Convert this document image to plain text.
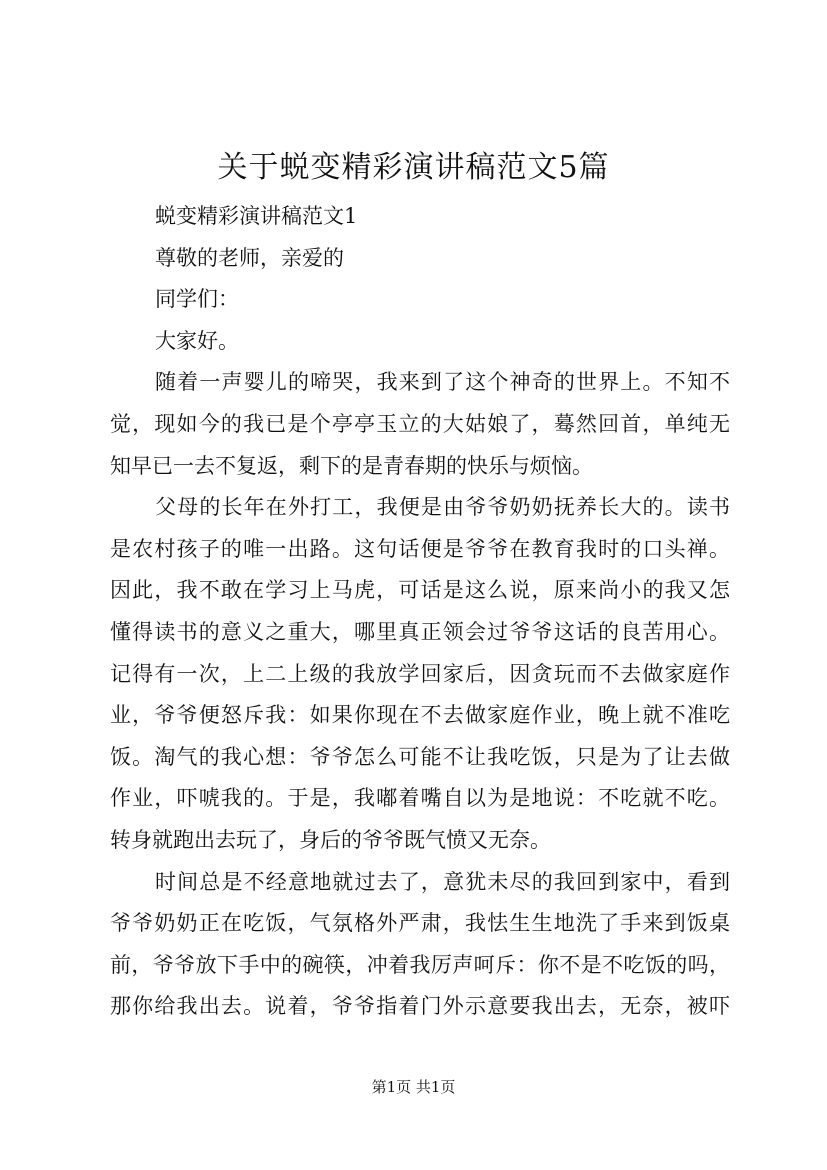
关于蜕变精彩演讲稿范文5篇
蜕变精彩演讲稿范文1
尊敬的老师，亲爱的
同学们：
大家好。
随着一声婴儿的啼哭，我来到了这个神奇的世界上。不知不
觉，现如今的我已是个亭亭玉立的大姑娘了，蓦然回首，单纯无
知早已一去不复返，剩下的是青春期的快乐与烦恼。
父母的长年在外打工，我便是由爷爷奶奶抚养长大的。读书
是农村孩子的唯一出路。这句话便是爷爷在教育我时的口头禅。
因此，我不敢在学习上马虎，可话是这么说，原来尚小的我又怎
懂得读书的意义之重大，哪里真正领会过爷爷这话的良苦用心。
记得有一次，上二上级的我放学回家后，因贪玩而不去做家庭作
业，爷爷便怒斥我：如果你现在不去做家庭作业，晚上就不准吃
饭。淘气的我心想：爷爷怎么可能不让我吃饭，只是为了让去做
作业，吓唬我的。于是，我嘟着嘴自以为是地说：不吃就不吃。
转身就跑出去玩了，身后的爷爷既气愤又无奈。
时间总是不经意地就过去了，意犹未尽的我回到家中，看到
爷爷奶奶正在吃饭，气氛格外严肃，我怯生生地洗了手来到饭桌
前，爷爷放下手中的碗筷，冲着我厉声呵斥：你不是不吃饭的吗，
那你给我出去。说着，爷爷指着门外示意要我出去，无奈，被吓
第1页 共1页
